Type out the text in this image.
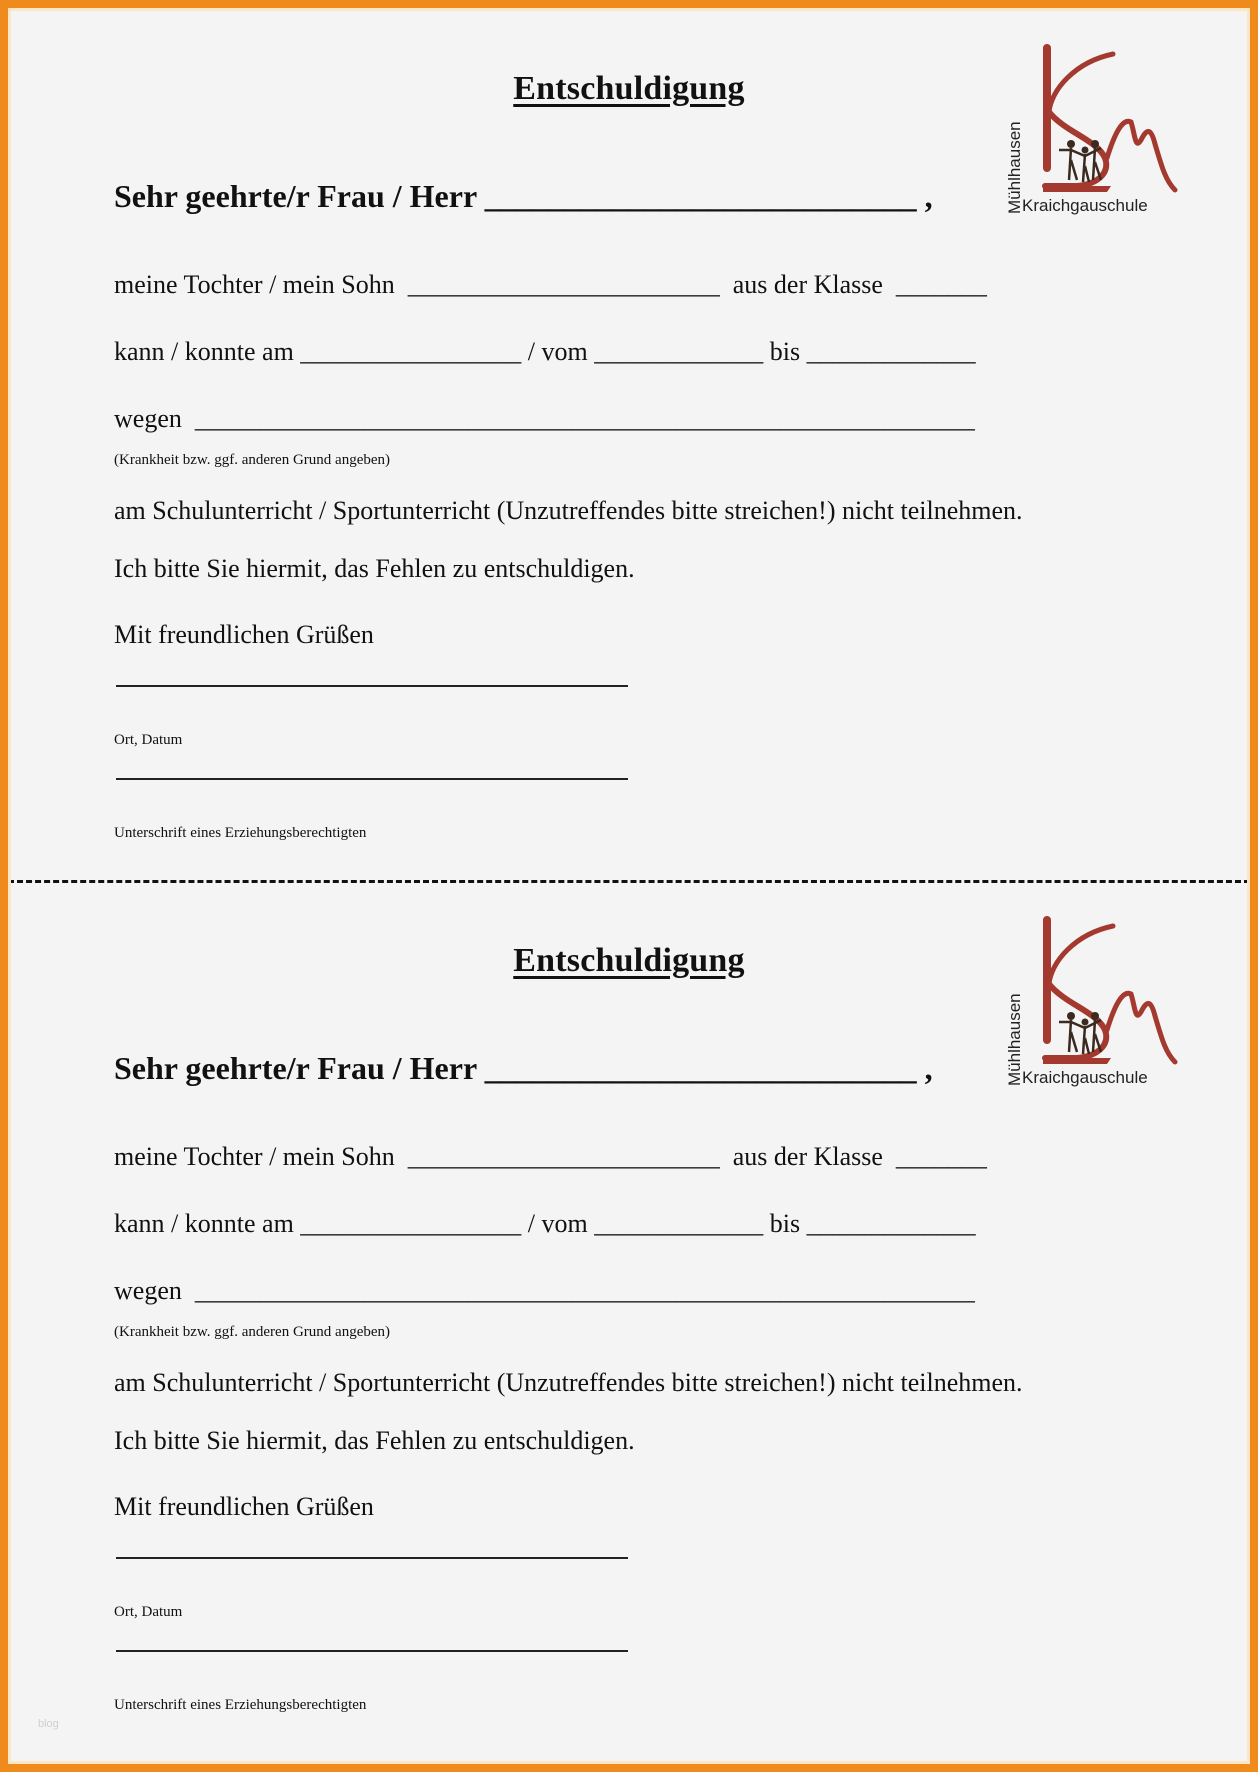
Entschuldigung
Mühlhausen
Kraichgauschule
Sehr geehrte/r Frau / Herr ___________________________ ,
meine Tochter / mein Sohn  ________________________  aus der Klasse  _______
kann / konnte am _________________ / vom _____________ bis _____________
wegen  ____________________________________________________________
(Krankheit bzw. ggf. anderen Grund angeben)
am Schulunterricht / Sportunterricht (Unzutreffendes bitte streichen!) nicht teilnehmen.
Ich bitte Sie hiermit, das Fehlen zu entschuldigen.
Mit freundlichen Grüßen
Ort, Datum
Unterschrift eines Erziehungsberechtigten
Entschuldigung
Mühlhausen
Kraichgauschule
Sehr geehrte/r Frau / Herr ___________________________ ,
meine Tochter / mein Sohn  ________________________  aus der Klasse  _______
kann / konnte am _________________ / vom _____________ bis _____________
wegen  ____________________________________________________________
(Krankheit bzw. ggf. anderen Grund angeben)
am Schulunterricht / Sportunterricht (Unzutreffendes bitte streichen!) nicht teilnehmen.
Ich bitte Sie hiermit, das Fehlen zu entschuldigen.
Mit freundlichen Grüßen
Ort, Datum
Unterschrift eines Erziehungsberechtigten
blog
